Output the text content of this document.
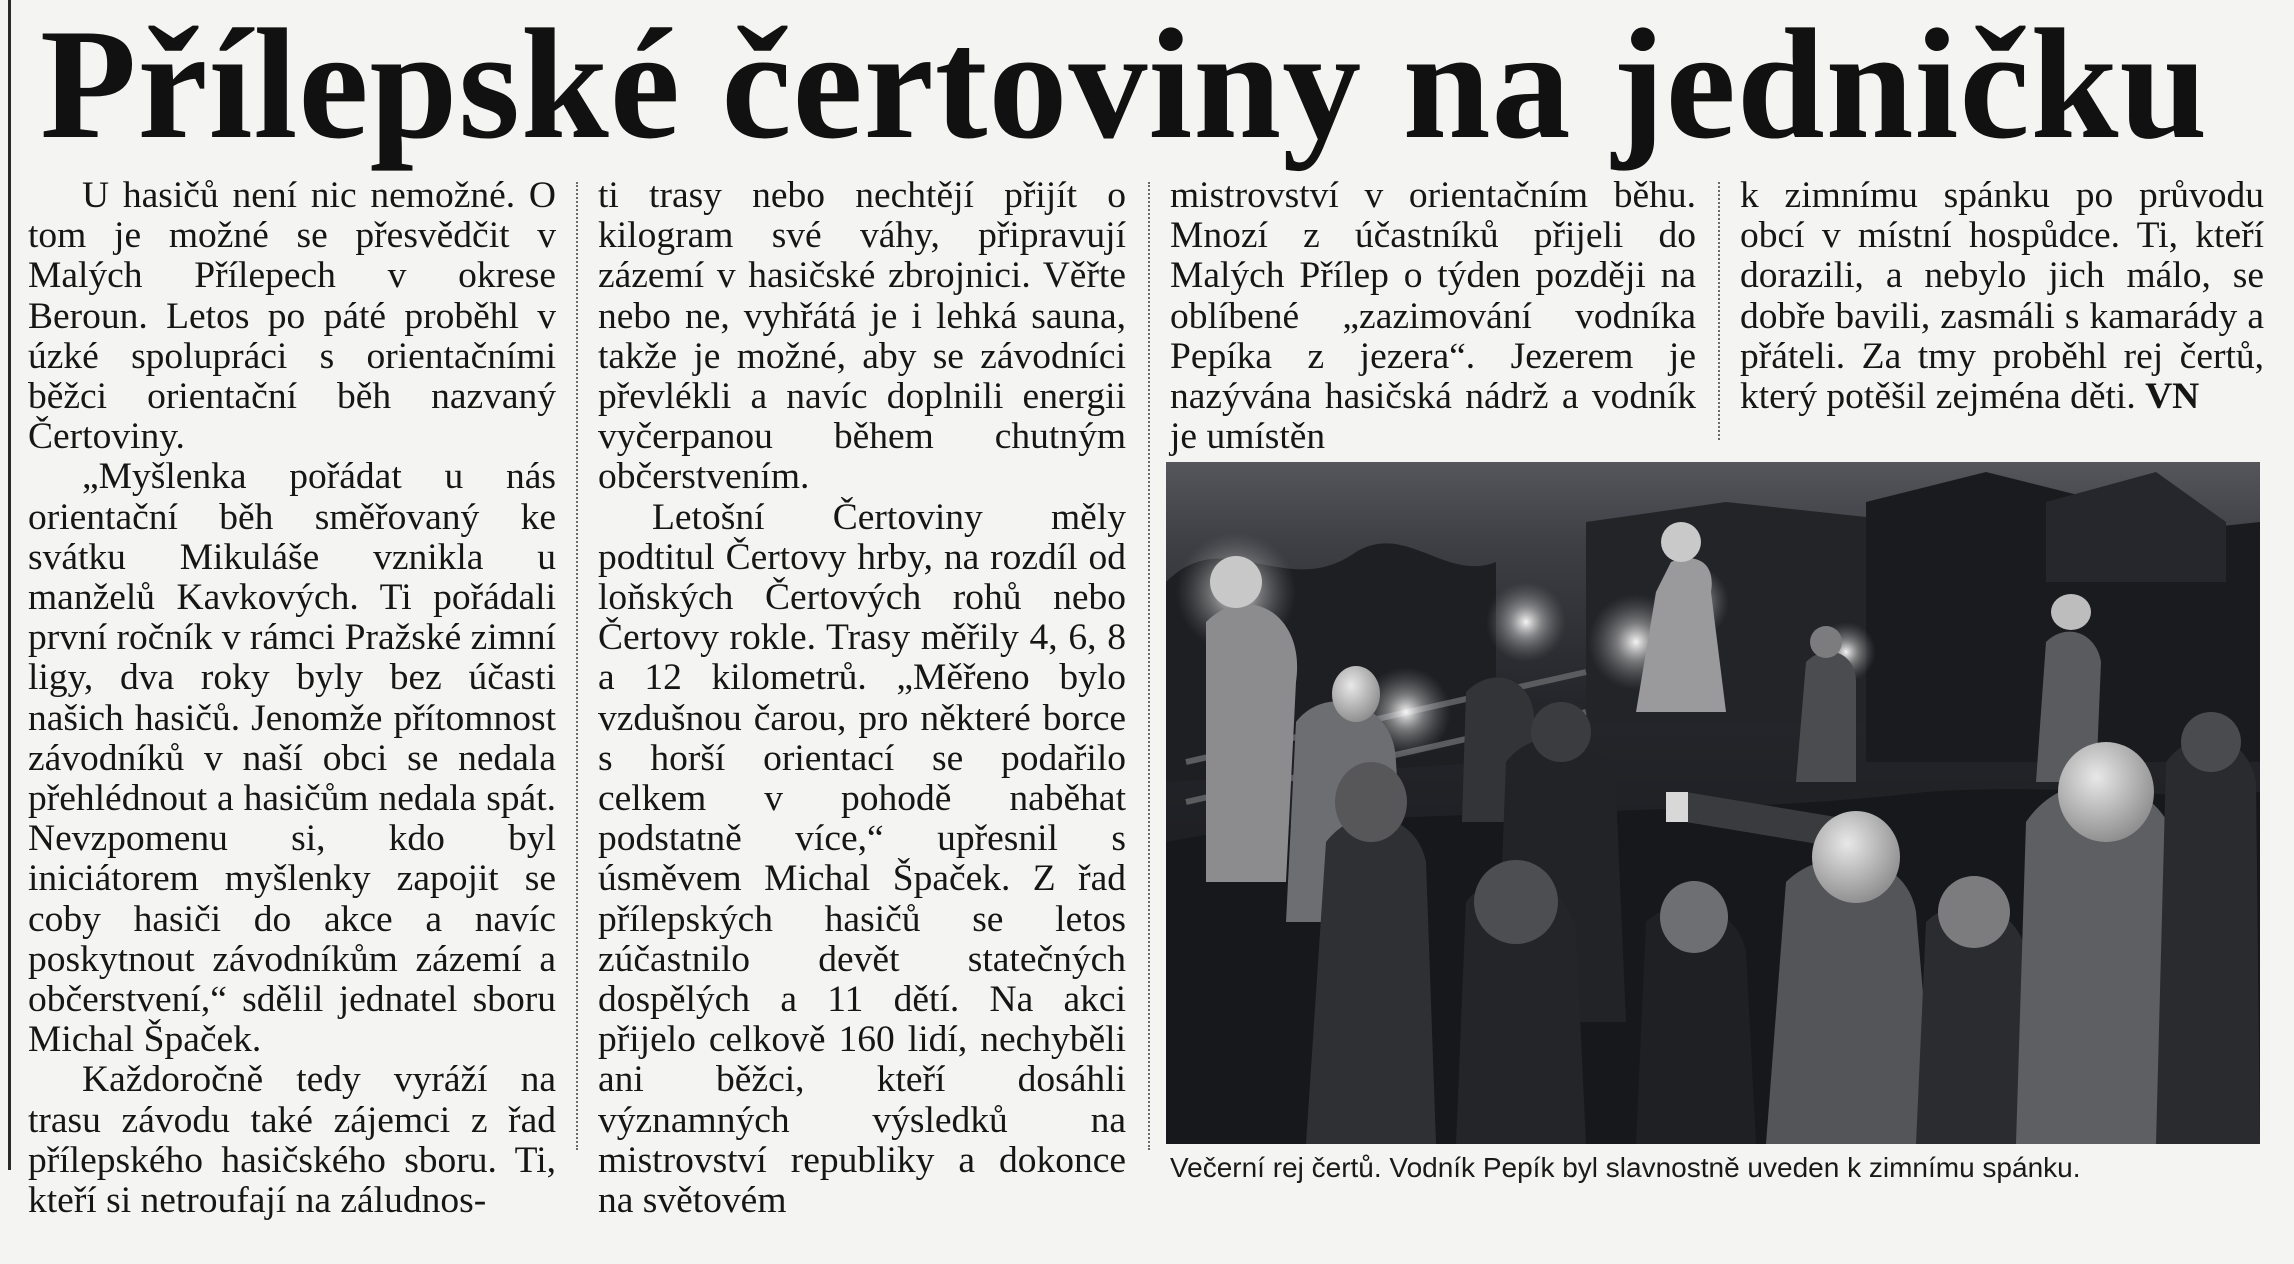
Přílepské čertoviny na jedničku

U hasičů není nic nemožné. O tom je možné se přesvědčit v Malých Přílepech v okrese Beroun. Letos po páté proběhl v úzké spolupráci s orientačními běžci orientační běh nazvaný Čertoviny.

„Myšlenka pořádat u nás orientační běh směřovaný ke svátku Mikuláše vznikla u manželů Kavkových. Ti pořádali první ročník v rámci Pražské zimní ligy, dva roky byly bez účasti našich hasičů. Jenomže přítomnost závodníků v naší obci se nedala přehlédnout a hasičům nedala spát. Nevzpomenu si, kdo byl iniciátorem myšlenky zapojit se coby hasiči do akce a navíc poskytnout závodníkům zázemí a občerstvení,“ sdělil jednatel sboru Michal Špaček.

Každoročně tedy vyráží na trasu závodu také zájemci z řad přílepského hasičského sboru. Ti, kteří si netroufají na záludnos-

ti trasy nebo nechtějí přijít o kilogram své váhy, připravují zázemí v hasičské zbrojnici. Věřte nebo ne, vyhřátá je i lehká sauna, takže je možné, aby se závodníci převlékli a navíc doplnili energii vyčerpanou během chutným občerstvením.

Letošní Čertoviny měly podtitul Čertovy hrby, na rozdíl od loňských Čertových rohů nebo Čertovy rokle. Trasy měřily 4, 6, 8 a 12 kilometrů. „Měřeno bylo vzdušnou čarou, pro některé borce s horší orientací se podařilo celkem v pohodě naběhat podstatně více,“ upřesnil s úsměvem Michal Špaček. Z řad přílepských hasičů se letos zúčastnilo devět statečných dospělých a 11 dětí. Na akci přijelo celkově 160 lidí, nechyběli ani běžci, kteří dosáhli významných výsledků na mistrovství republiky a dokonce na světovém

mistrovství v orientačním běhu. Mnozí z účastníků přijeli do Malých Přílep o týden později na oblíbené „zazimování vodníka Pepíka z jezera“. Jezerem je nazývána hasičská nádrž a vodník je umístěn

k zimnímu spánku po průvodu obcí v místní hospůdce. Ti, kteří dorazili, a nebylo jich málo, se dobře bavili, zasmáli s kamarády a přáteli. Za tmy proběhl rej čertů, který potěšil zejména děti. VN

Večerní rej čertů. Vodník Pepík byl slavnostně uveden k zimnímu spánku.
